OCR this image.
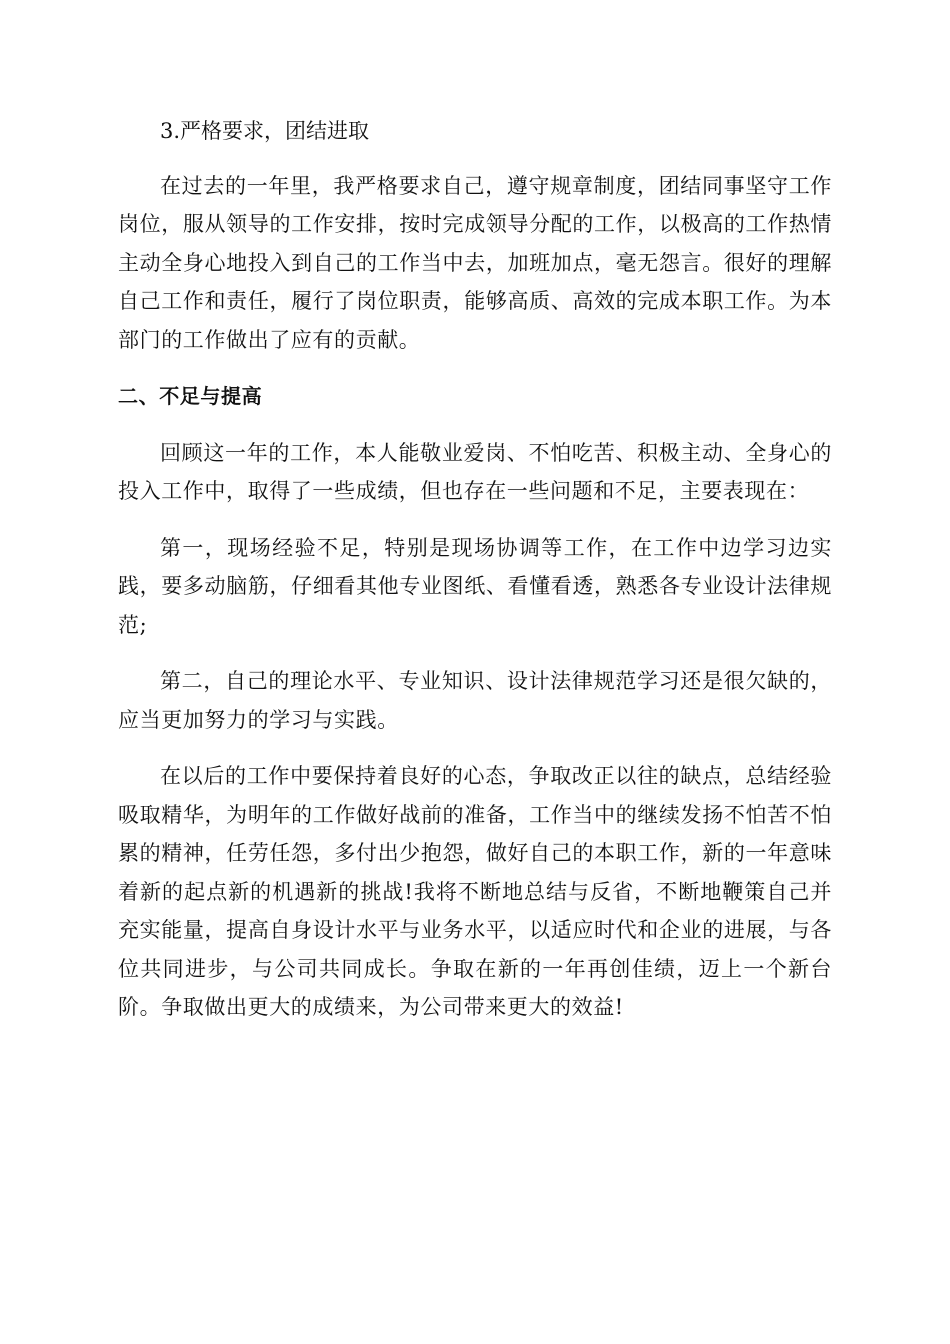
3.严格要求，团结进取

在过去的一年里，我严格要求自己，遵守规章制度，团结同事坚守工作岗位，服从领导的工作安排，按时完成领导分配的工作，以极高的工作热情主动全身心地投入到自己的工作当中去，加班加点，毫无怨言。很好的理解自己工作和责任，履行了岗位职责，能够高质、高效的完成本职工作。为本部门的工作做出了应有的贡献。

二、不足与提高

回顾这一年的工作，本人能敬业爱岗、不怕吃苦、积极主动、全身心的投入工作中，取得了一些成绩，但也存在一些问题和不足，主要表现在：

第一，现场经验不足，特别是现场协调等工作，在工作中边学习边实践，要多动脑筋，仔细看其他专业图纸、看懂看透，熟悉各专业设计法律规范;

第二，自己的理论水平、专业知识、设计法律规范学习还是很欠缺的，应当更加努力的学习与实践。

在以后的工作中要保持着良好的心态，争取改正以往的缺点，总结经验吸取精华，为明年的工作做好战前的准备，工作当中的继续发扬不怕苦不怕累的精神，任劳任怨，多付出少抱怨，做好自己的本职工作，新的一年意味着新的起点新的机遇新的挑战!我将不断地总结与反省，不断地鞭策自己并充实能量，提高自身设计水平与业务水平，以适应时代和企业的进展，与各位共同进步，与公司共同成长。争取在新的一年再创佳绩，迈上一个新台阶。争取做出更大的成绩来，为公司带来更大的效益!
